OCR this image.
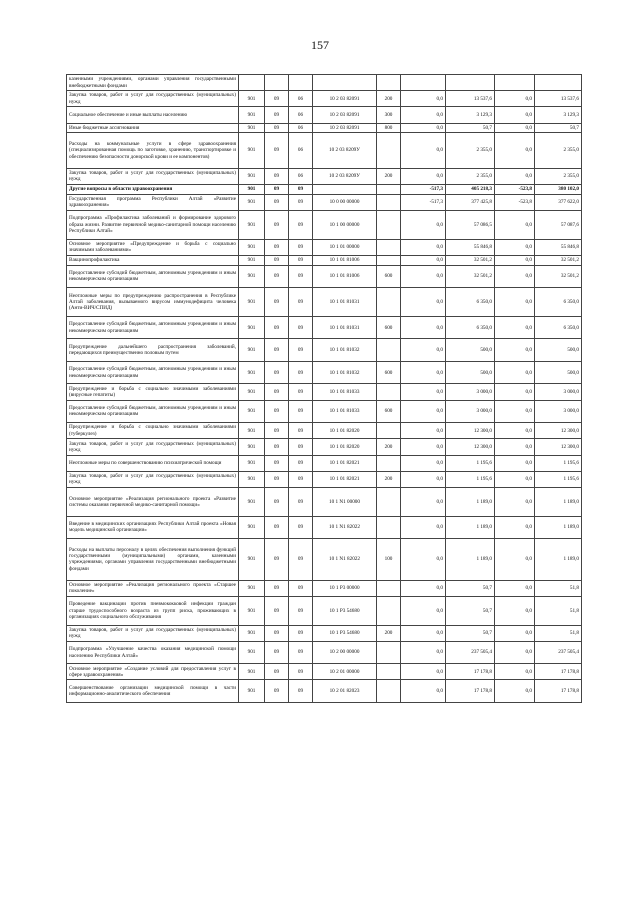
157
казенными учреждениями, органами управления государственными внебюджетными фондами									
Закупка товаров, работ и услуг для государственных (муниципальных) нужд	901	09	06	10 2 03 82091	200	0,0	13 537,6	0,0	13 537,6
Социальное обеспечение и иные выплаты населению	901	09	06	10 2 03 82091	300	0,0	3 129,3	0,0	3 129,3
Иные бюджетные ассигнования	901	09	06	10 2 03 82091	800	0,0	50,7	0,0	50,7
Расходы на коммунальные услуги в сфере здравоохранения (специализированная помощь по заготовке, хранению, транспортировке и обеспечению безопасности донорской крови и ее компонентов)	901	09	06	10 2 03 8209У		0,0	2 355,0	0,0	2 355,0
Закупка товаров, работ и услуг для государственных (муниципальных) нужд	901	09	06	10 2 03 8209У	200	0,0	2 355,0	0,0	2 355,0
Другие вопросы в области здравоохранения	901	09	09			-517,3	405 218,3	-523,8	380 102,0
Государственная программа Республики Алтай «Развитие здравоохранения»	901	09	09	10 0 00 00000		-517,3	377 425,8	-523,8	377 622,0
Подпрограмма «Профилактика заболеваний и формирование здорового образа жизни. Развитие первичной медико-санитарной помощи населению Республики Алтай»	901	09	09	10 1 00 00000		0,0	57 086,5	0,0	57 087,6
Основное мероприятие «Предупреждение и борьба с социально значимыми заболеваниями»	901	09	09	10 1 01 00000		0,0	55 846,8	0,0	55 846,8
Вакцинопрофилактика	901	09	09	10 1 01 81006		0,0	32 501,2	0,0	32 501,2
Предоставление субсидий бюджетным, автономным учреждениям и иным некоммерческим организациям	901	09	09	10 1 01 81006	600	0,0	32 501,2	0,0	32 501,2
Неотложные меры по предупреждению распространения в Республике Алтай заболевания, вызываемого вирусом иммунодефицита человека (Анти-ВИЧ/СПИД)	901	09	09	10 1 01 81031		0,0	6 350,0	0,0	6 350,0
Предоставление субсидий бюджетным, автономным учреждениям и иным некоммерческим организациям	901	09	09	10 1 01 81031	600	0,0	6 350,0	0,0	6 350,0
Предупреждение дальнейшего распространения заболеваний, передающихся преимущественно половым путем	901	09	09	10 1 01 81032		0,0	500,0	0,0	500,0
Предоставление субсидий бюджетным, автономным учреждениям и иным некоммерческим организациям	901	09	09	10 1 01 81032	600	0,0	500,0	0,0	500,0
Предупреждение и борьба с социально значимыми заболеваниями (вирусные гепатиты)	901	09	09	10 1 01 81033		0,0	3 000,0	0,0	3 000,0
Предоставление субсидий бюджетным, автономным учреждениям и иным некоммерческим организациям	901	09	09	10 1 01 81033	600	0,0	3 000,0	0,0	3 000,0
Предупреждение и борьба с социально значимыми заболеваниями (туберкулез)	901	09	09	10 1 01 82020		0,0	12 300,0	0,0	12 300,0
Закупка товаров, работ и услуг для государственных (муниципальных) нужд	901	09	09	10 1 01 82020	200	0,0	12 300,0	0,0	12 300,0
Неотложные меры по совершенствованию психиатрической помощи	901	09	09	10 1 01 82021		0,0	1 195,6	0,0	1 195,6
Закупка товаров, работ и услуг для государственных (муниципальных) нужд	901	09	09	10 1 01 82021	200	0,0	1 195,6	0,0	1 195,6
Основное мероприятие «Реализация регионального проекта «Развитие системы оказания первичной медико-санитарной помощи»	901	09	09	10 1 N1 00000		0,0	1 189,0	0,0	1 189,0
Введение в медицинских организациях Республики Алтай проекта «Новая модель медицинской организации»	901	09	09	10 1 N1 82022		0,0	1 189,0	0,0	1 189,0
Расходы на выплаты персоналу в целях обеспечения выполнения функций государственными (муниципальными) органами, казенными учреждениями, органами управления государственными внебюджетными фондами	901	09	09	10 1 N1 82022	100	0,0	1 189,0	0,0	1 189,0
Основное мероприятие «Реализация регионального проекта «Старшее поколение»	901	09	09	10 1 P3 00000		0,0	50,7	0,0	51,8
Проведение вакцинации против пневмококковой инфекции граждан старше трудоспособного возраста из групп риска, проживающих в организациях социального обслуживания	901	09	09	10 1 P3 54680		0,0	50,7	0,0	51,8
Закупка товаров, работ и услуг для государственных (муниципальных) нужд	901	09	09	10 1 P3 54680	200	0,0	50,7	0,0	51,8
Подпрограмма «Улучшение качества оказания медицинской помощи населению Республики Алтай»	901	09	09	10 2 00 00000		0,0	237 505,4	0,0	237 505,4
Основное мероприятие «Создание условий для предоставления услуг в сфере здравоохранения»	901	09	09	10 2 01 00000		0,0	17 178,8	0,0	17 178,8
Совершенствование организации медицинской помощи в части информационно-аналитического обеспечения	901	09	09	10 2 01 82023		0,0	17 178,8	0,0	17 178,8
